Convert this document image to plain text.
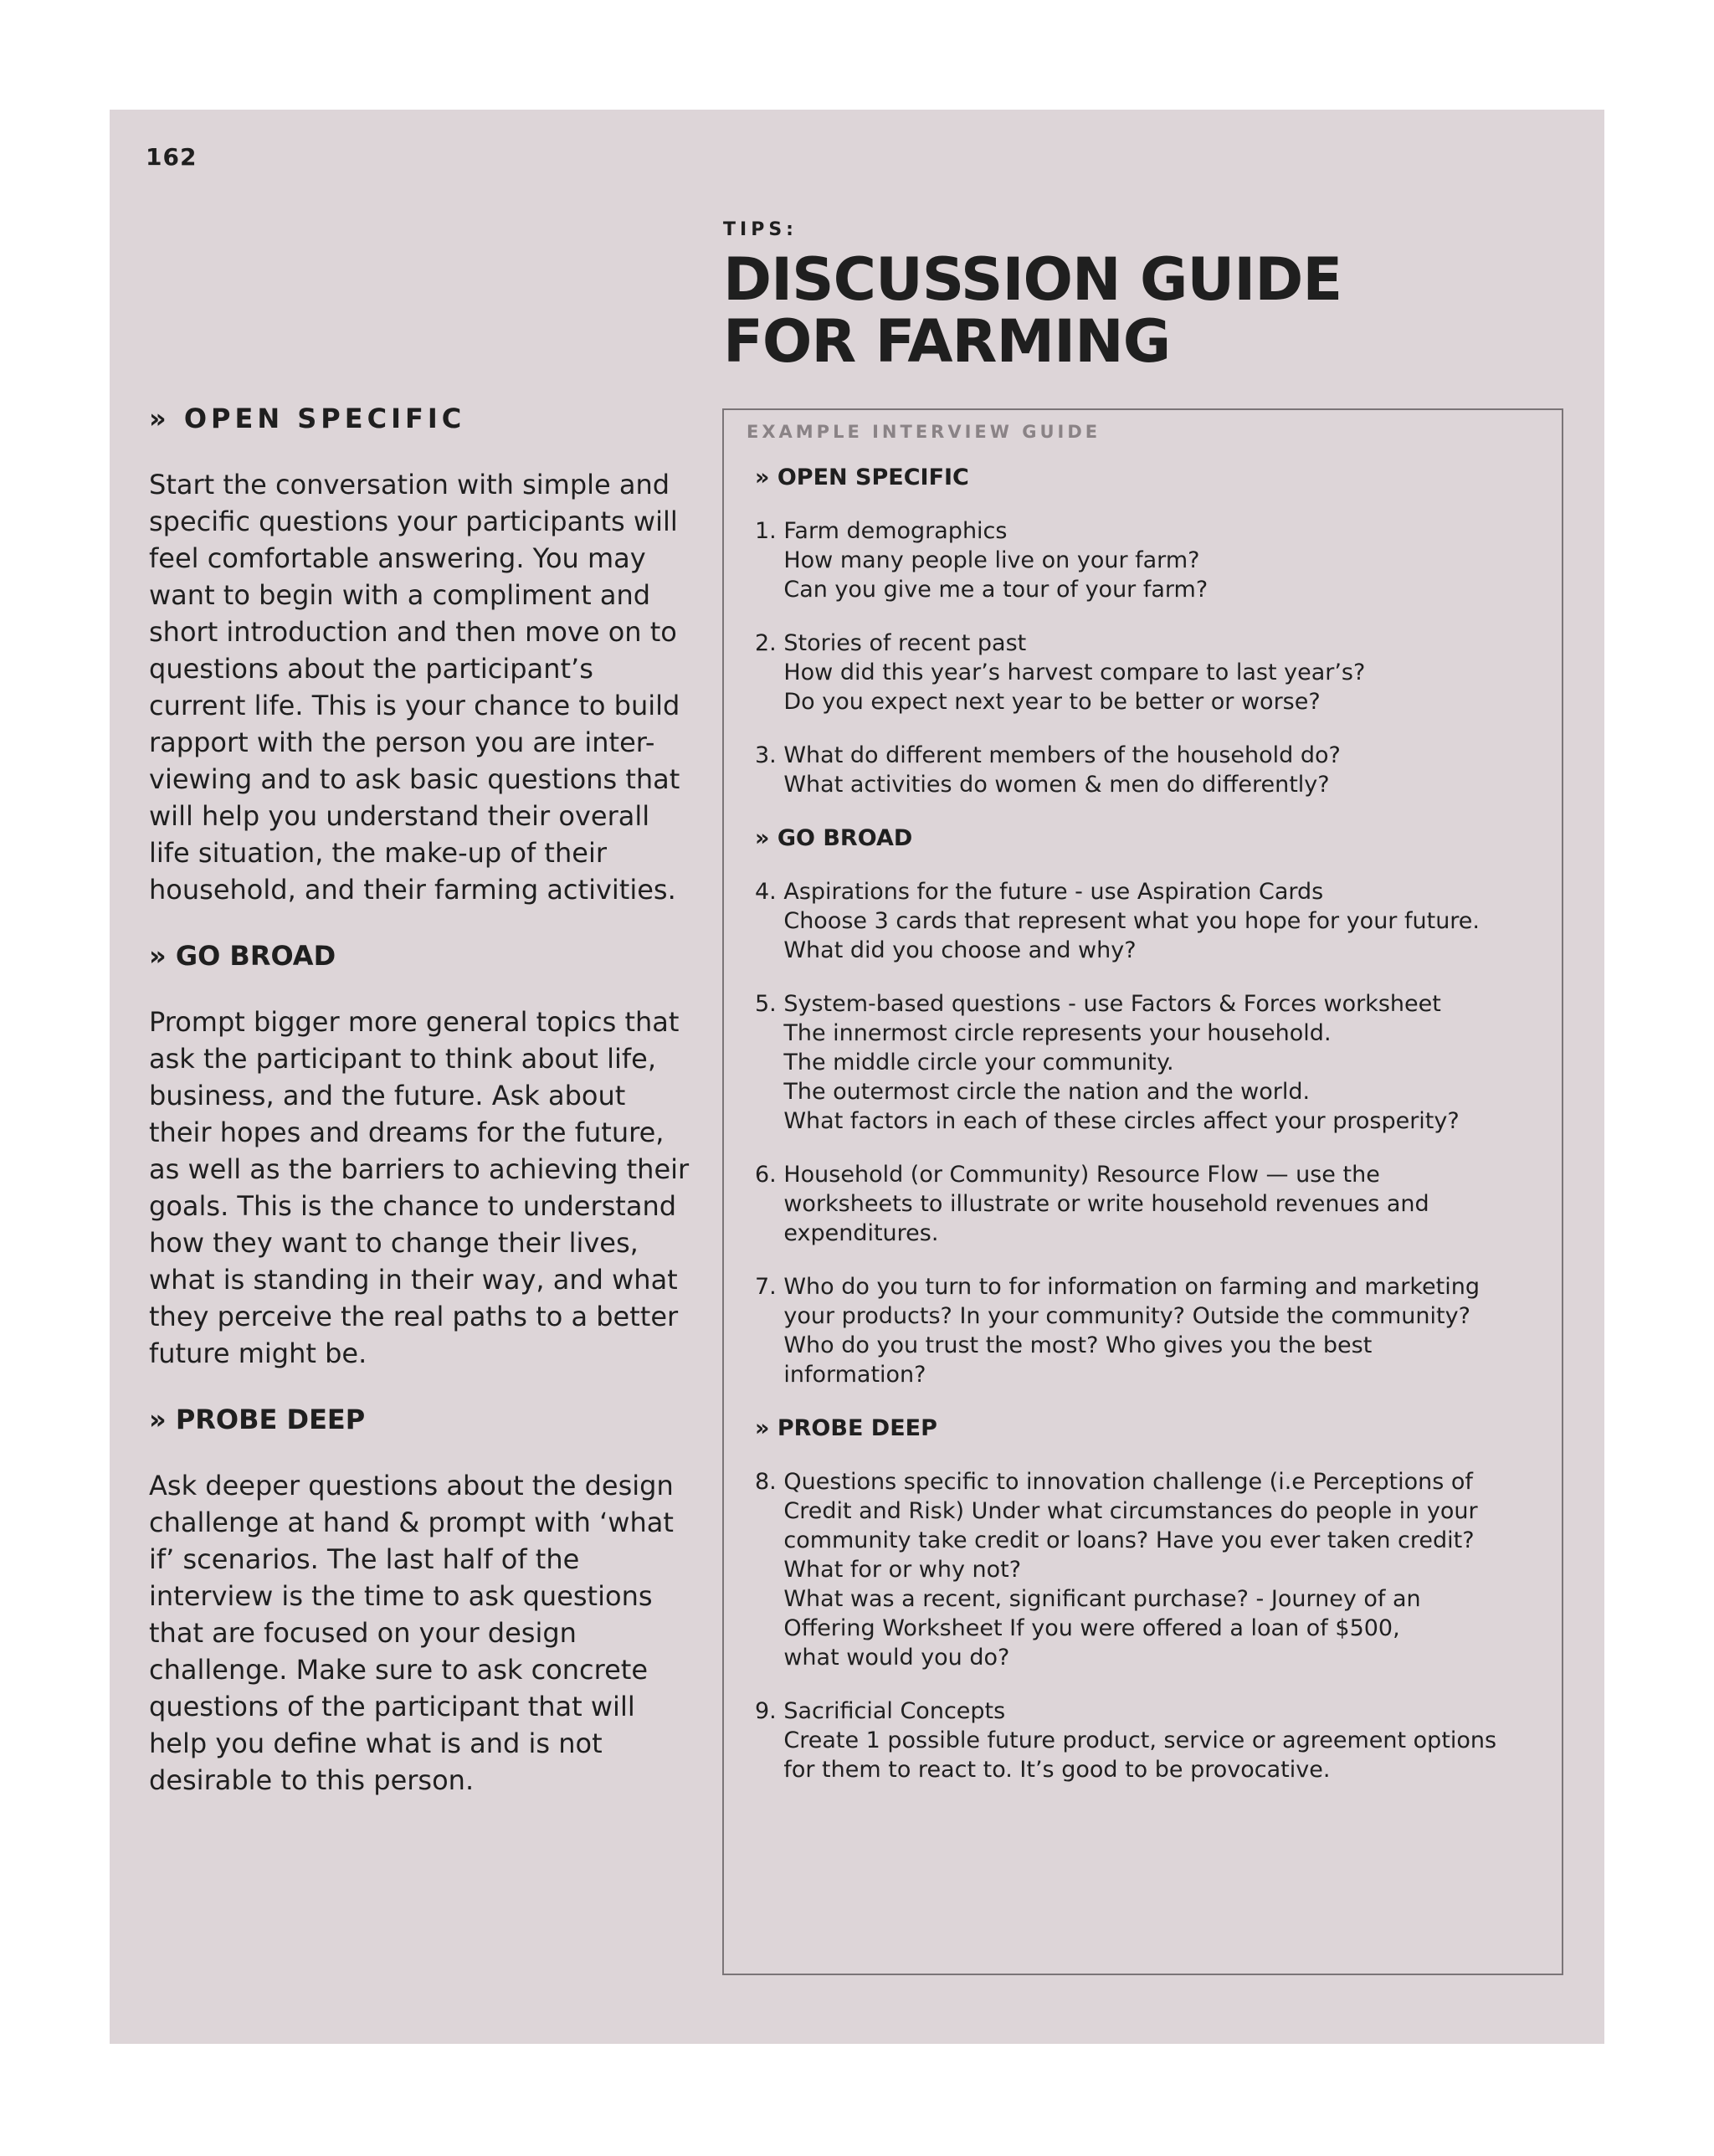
162
TIPS:
DISCUSSION GUIDE
FOR FARMING
» OPEN SPECIFIC

Start the conversation with simple and specific questions your participants will feel comfortable answering. You may want to begin with a compliment and short introduction and then move on to questions about the participant’s current life. This is your chance to build rapport with the person you are inter-viewing and to ask basic questions that will help you understand their overall life situation, the make-up of their household, and their farming activities.

» GO BROAD

Prompt bigger more general topics that ask the participant to think about life, business, and the future. Ask about their hopes and dreams for the future, as well as the barriers to achieving their goals. This is the chance to understand how they want to change their lives, what is standing in their way, and what they perceive the real paths to a better future might be.

» PROBE DEEP

Ask deeper questions about the design challenge at hand & prompt with ‘what if’ scenarios. The last half of the interview is the time to ask questions that are focused on your design challenge. Make sure to ask concrete questions of the participant that will help you define what is and is not desirable to this person.

EXAMPLE INTERVIEW GUIDE
» OPEN SPECIFIC
1. Farm demographics
How many people live on your farm?
Can you give me a tour of your farm?
2. Stories of recent past
How did this year’s harvest compare to last year’s?
Do you expect next year to be better or worse?
3. What do different members of the household do?
What activities do women & men do differently?
» GO BROAD
4. Aspirations for the future - use Aspiration Cards
Choose 3 cards that represent what you hope for your future.
What did you choose and why?
5. System-based questions - use Factors & Forces worksheet
The innermost circle represents your household.
The middle circle your community.
The outermost circle the nation and the world.
What factors in each of these circles affect your prosperity?
6. Household (or Community) Resource Flow — use the
worksheets to illustrate or write household revenues and
expenditures.
7. Who do you turn to for information on farming and marketing
your products? In your community? Outside the community?
Who do you trust the most? Who gives you the best
information?
» PROBE DEEP
8. Questions specific to innovation challenge (i.e Perceptions of
Credit and Risk) Under what circumstances do people in your
community take credit or loans? Have you ever taken credit?
What for or why not?
What was a recent, significant purchase? - Journey of an
Offering Worksheet If you were offered a loan of $500,
what would you do?
9. Sacrificial Concepts
Create 1 possible future product, service or agreement options
for them to react to. It’s good to be provocative.
